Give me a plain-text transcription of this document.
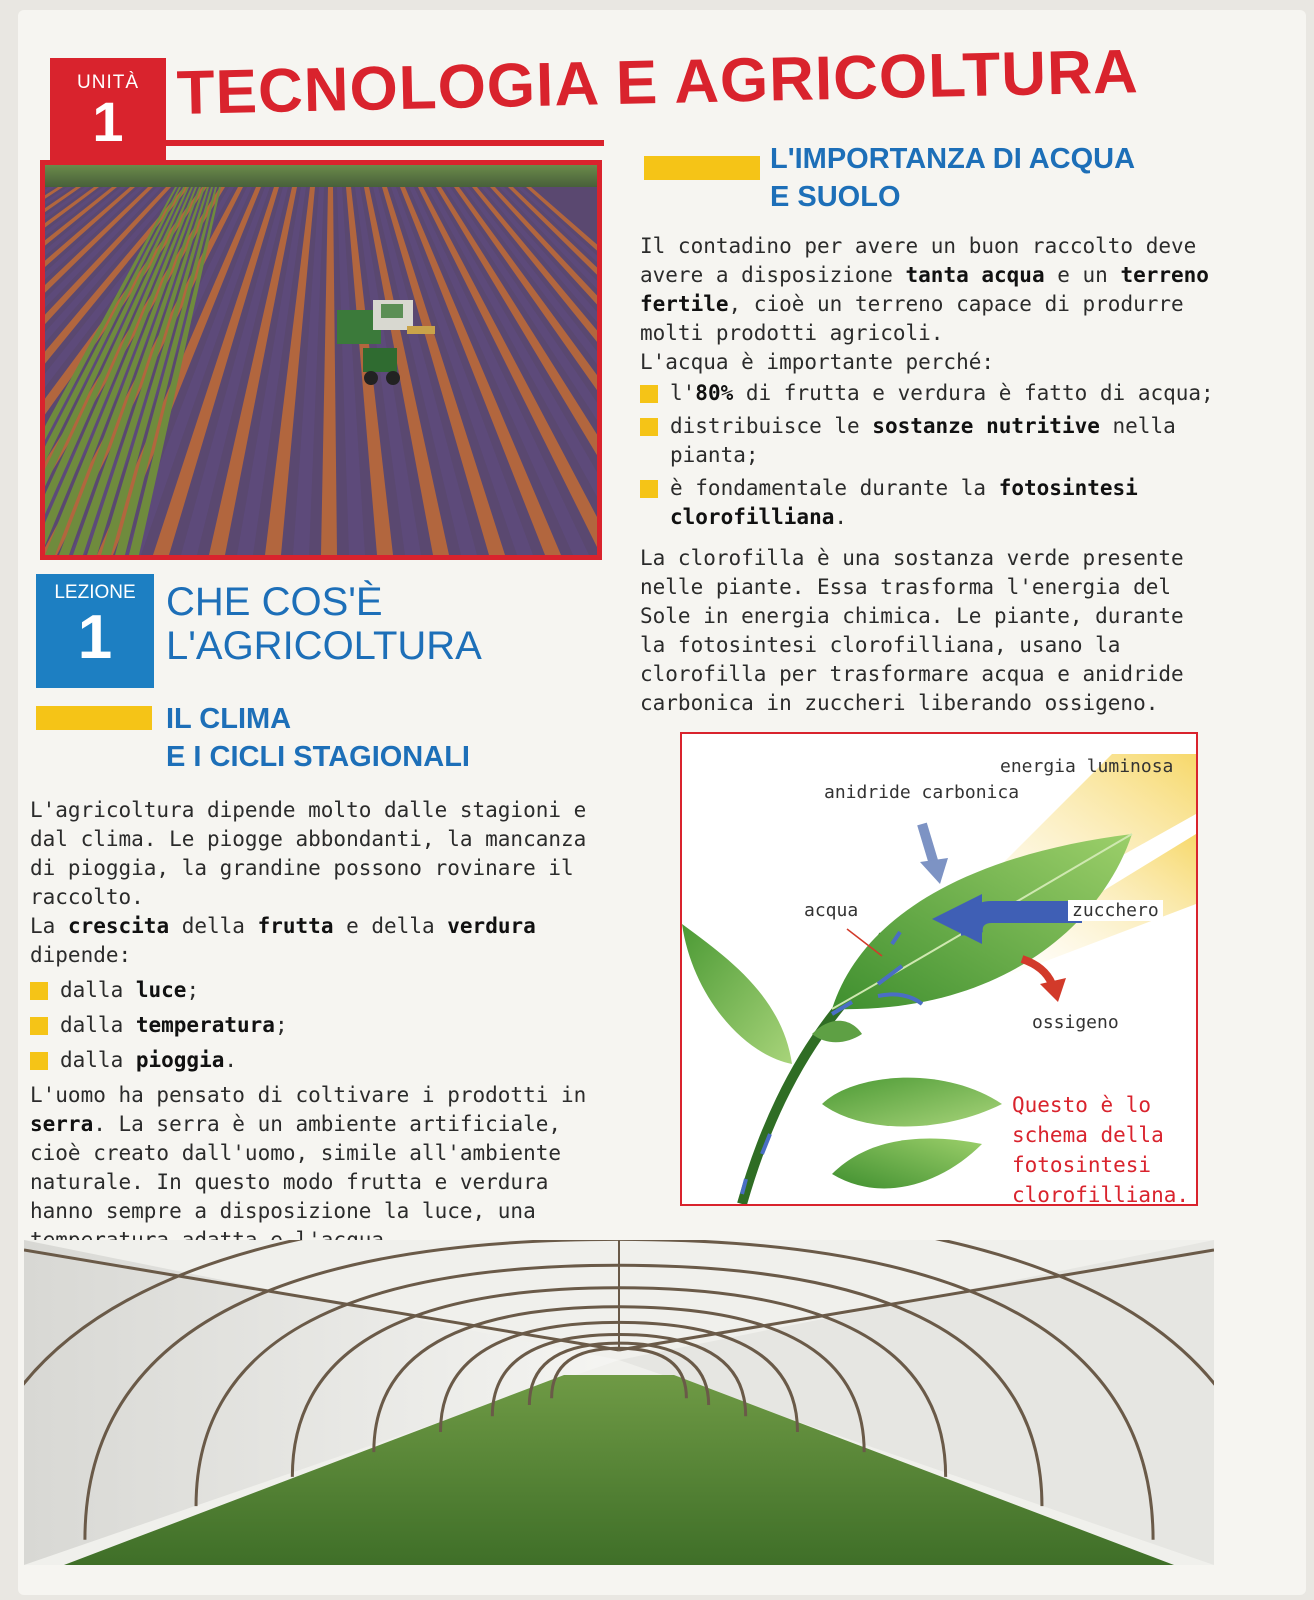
UNITÀ
1 TECNOLOGIA E AGRICOLTURA
LEZIONE
1
CHE COS'È
L'AGRICOLTURA
IL CLIMA
E I CICLI STAGIONALI

L'agricoltura dipende molto dalle stagioni e dal clima. Le piogge abbondanti, la mancanza di pioggia, la grandine possono rovinare il raccolto.

La crescita della frutta e della verdura dipende:

dalla luce;
dalla temperatura;
dalla pioggia.

L'uomo ha pensato di coltivare i prodotti in serra. La serra è un ambiente artificiale, cioè creato dall'uomo, simile all'ambiente naturale. In questo modo frutta e verdura hanno sempre a disposizione la luce, una

L'IMPORTANZA DI ACQUA
E SUOLO

Il contadino per avere un buon raccolto deve avere a disposizione tanta acqua e un terreno fertile, cioè un terreno capace di produrre molti prodotti agricoli.

L'acqua è importante perché:

l'80% di frutta e verdura è fatto di acqua;
distribuisce le sostanze nutritive nella pianta;
è fondamentale durante la fotosintesi clorofilliana.

La clorofilla è una sostanza verde presente nelle piante. Essa trasforma l'energia del Sole in energia chimica. Le piante, durante la fotosintesi clorofilliana, usano la clorofilla per trasformare acqua e anidride carbonica in zuccheri liberando ossigeno.

energia luminosa
anidride carbonica
acqua	zucchero
ossigeno
Questo è lo
schema della
fotosintesi
clorofilliana.
